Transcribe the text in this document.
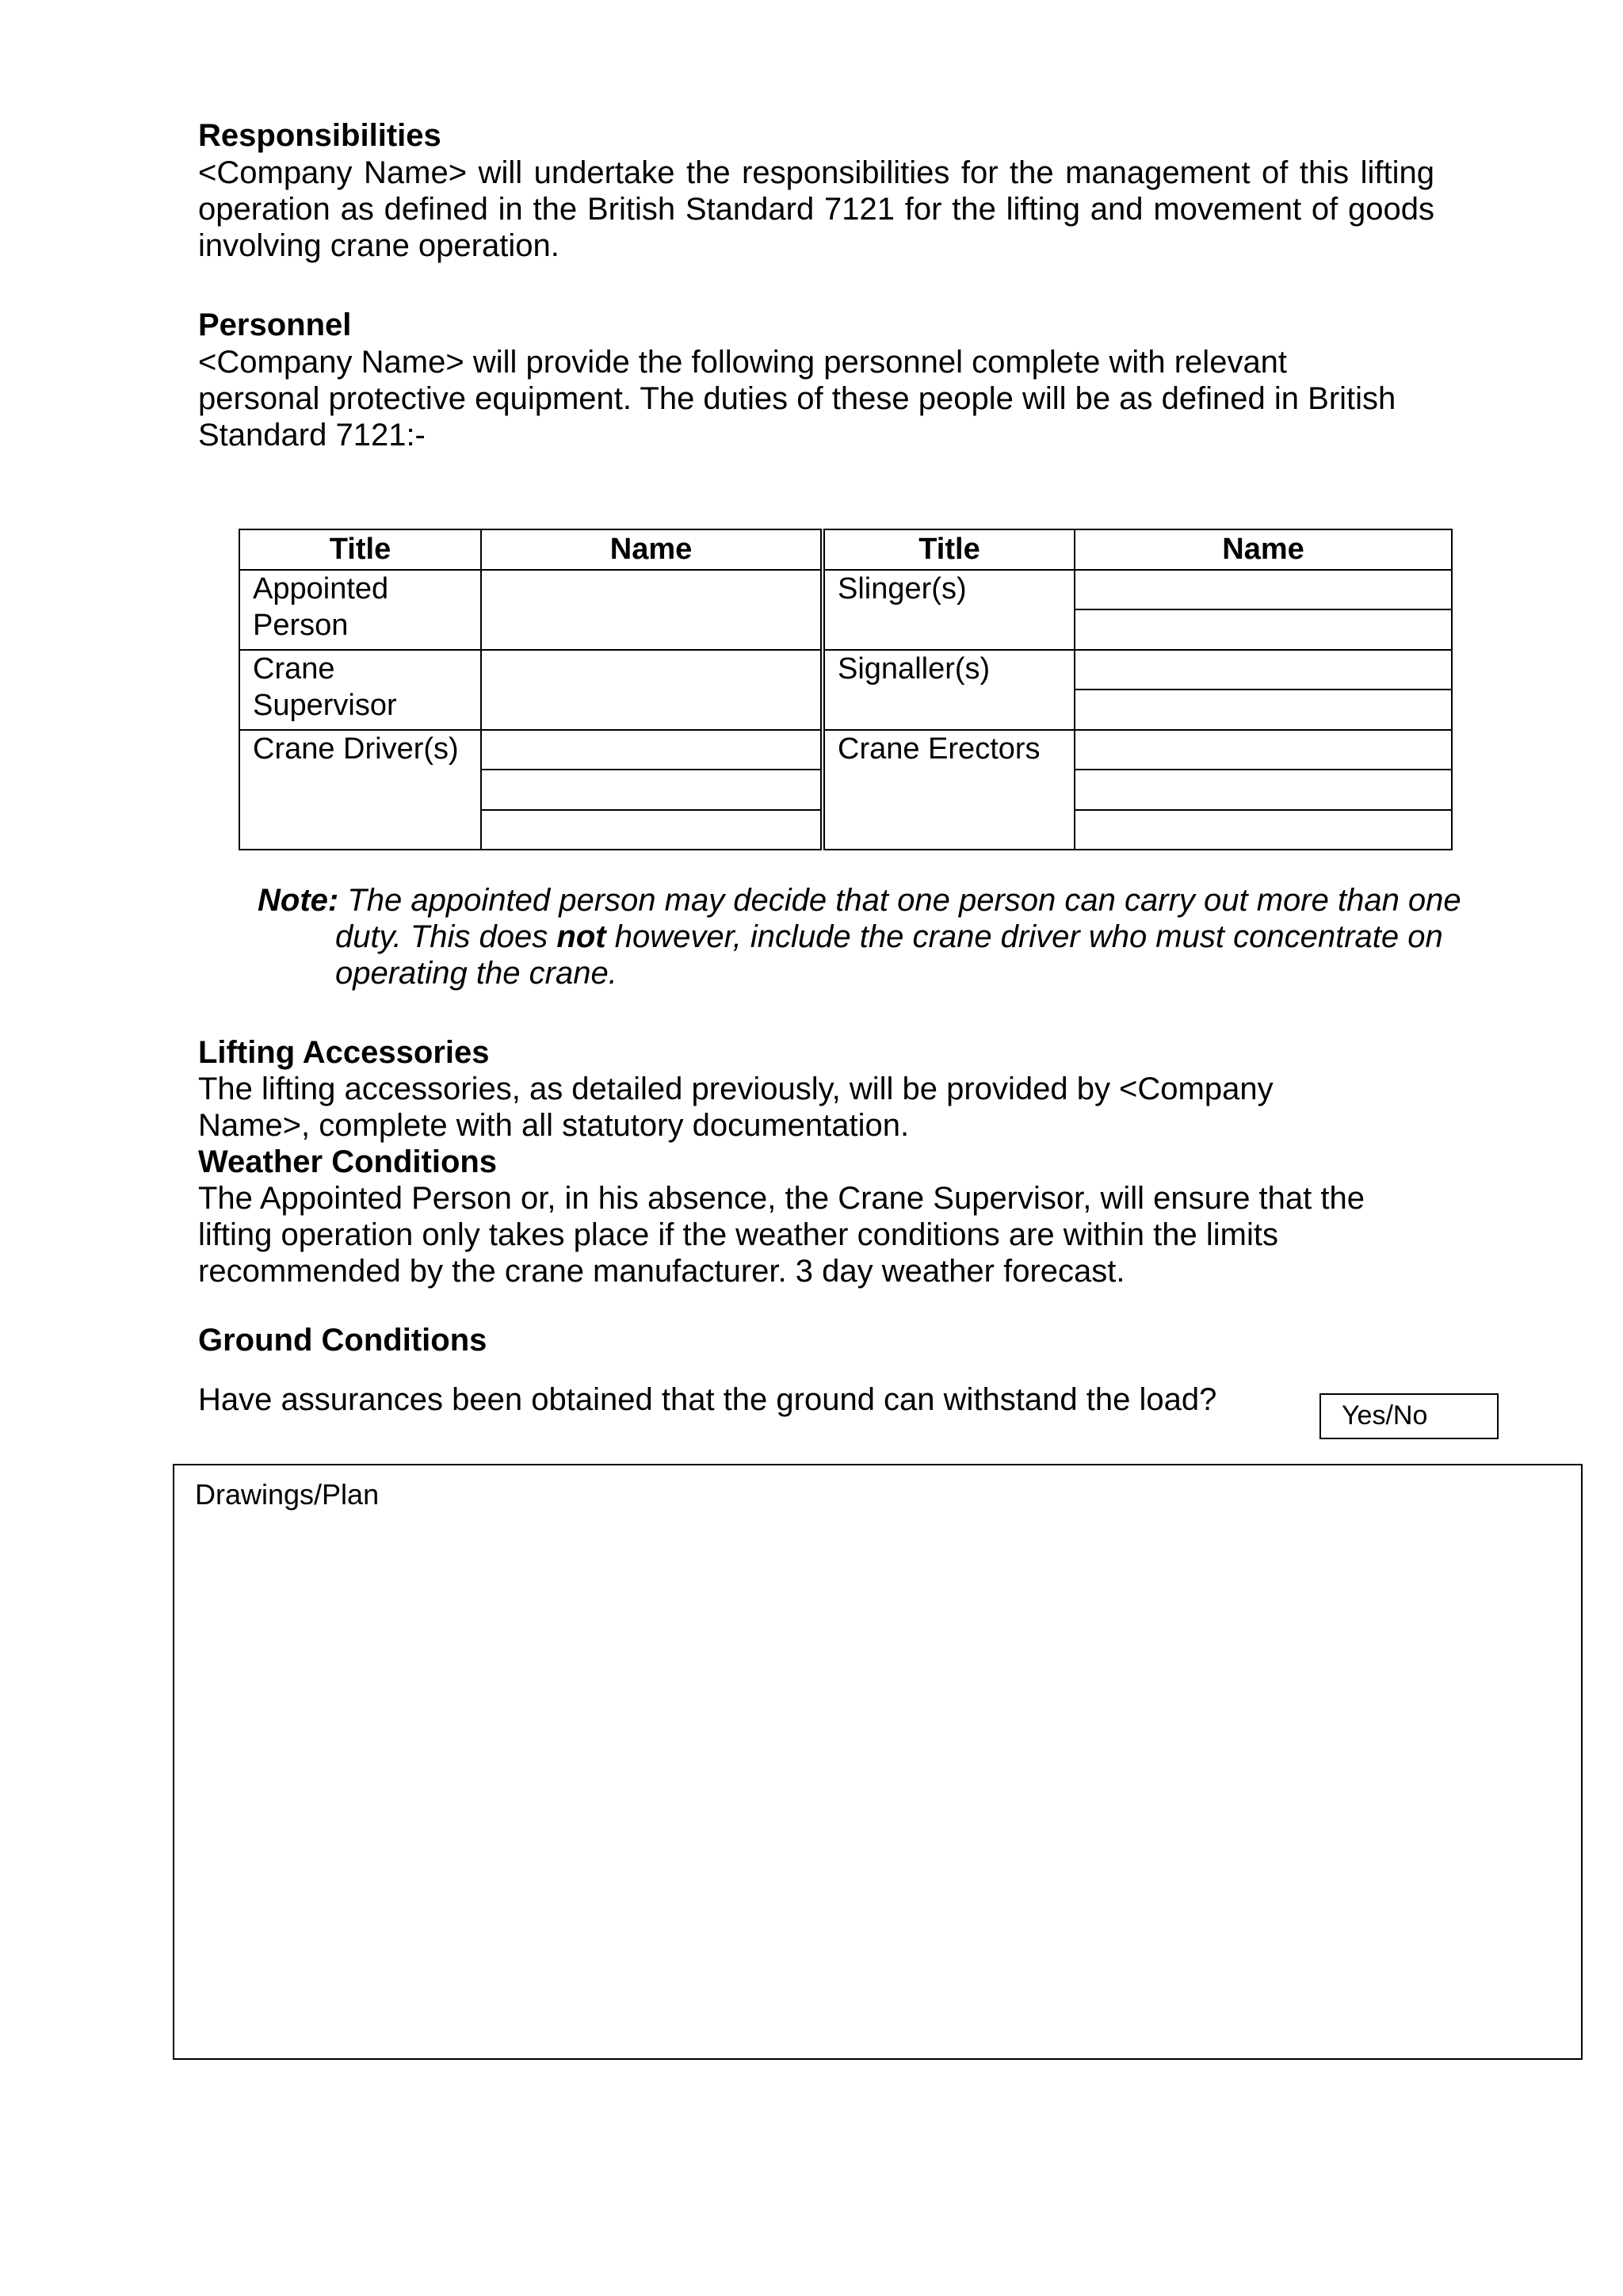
Responsibilities

<Company Name> will undertake the responsibilities for the management of this lifting operation as defined in the British Standard 7121 for the lifting and movement of goods involving crane operation.

Personnel

<Company Name> will provide the following personnel complete with relevant personal protective equipment. The duties of these people will be as defined in British Standard 7121:-

Title	Name	Title	Name
Appointed Person		Slinger(s)	

Crane Supervisor		Signaller(s)	

Crane Driver(s)		Crane Erectors	

Note: The appointed person may decide that one person can carry out more than one duty. This does not however, include the crane driver who must concentrate on operating the crane.

Lifting Accessories

The lifting accessories, as detailed previously, will be provided by <Company Name>, complete with all statutory documentation.

Weather Conditions

The Appointed Person or, in his absence, the Crane Supervisor, will ensure that the lifting operation only takes place if the weather conditions are within the limits recommended by the crane manufacturer. 3 day weather forecast.

Ground Conditions

Have assurances been obtained that the ground can withstand the load?	Yes/No
Drawings/Plan
